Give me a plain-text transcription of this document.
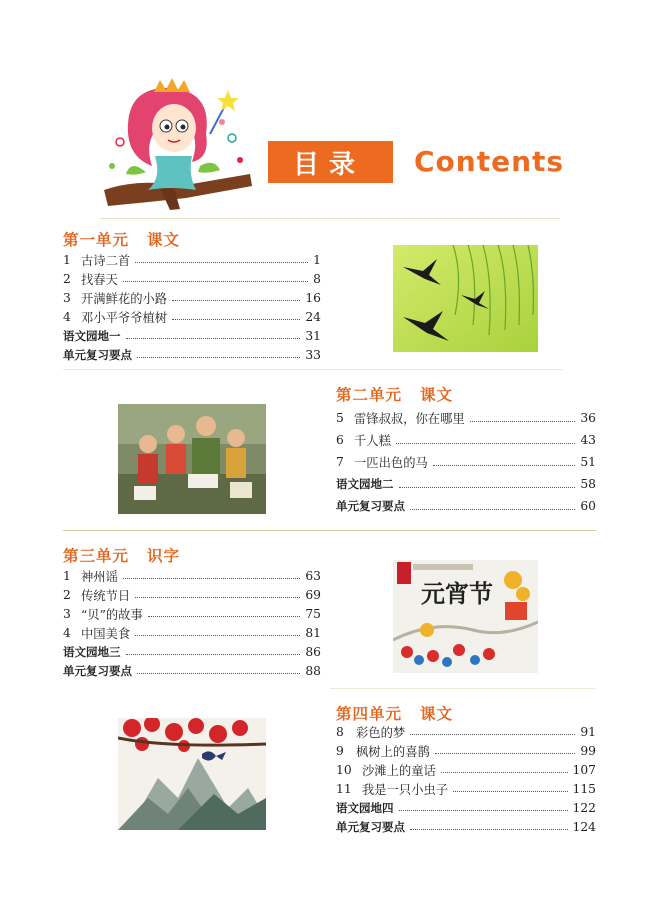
目录 Contents
第一单元 课文
1 古诗二首	1
2 找春天	8
3 开满鲜花的小路	16
4 邓小平爷爷植树	24
语文园地一	31
单元复习要点	33
第二单元 课文
5 雷锋叔叔，你在哪里	36
6 千人糕	43
7 一匹出色的马	51
语文园地二	58
单元复习要点	60
第三单元 识字
1 神州谣	63
2 传统节日	69
3 “贝”的故事	75
4 中国美食	81
语文园地三	86
单元复习要点	88
元宵节
第四单元 课文
8 彩色的梦	91
9 枫树上的喜鹊	99
10 沙滩上的童话	107
11 我是一只小虫子	115
语文园地四	122
单元复习要点	124
